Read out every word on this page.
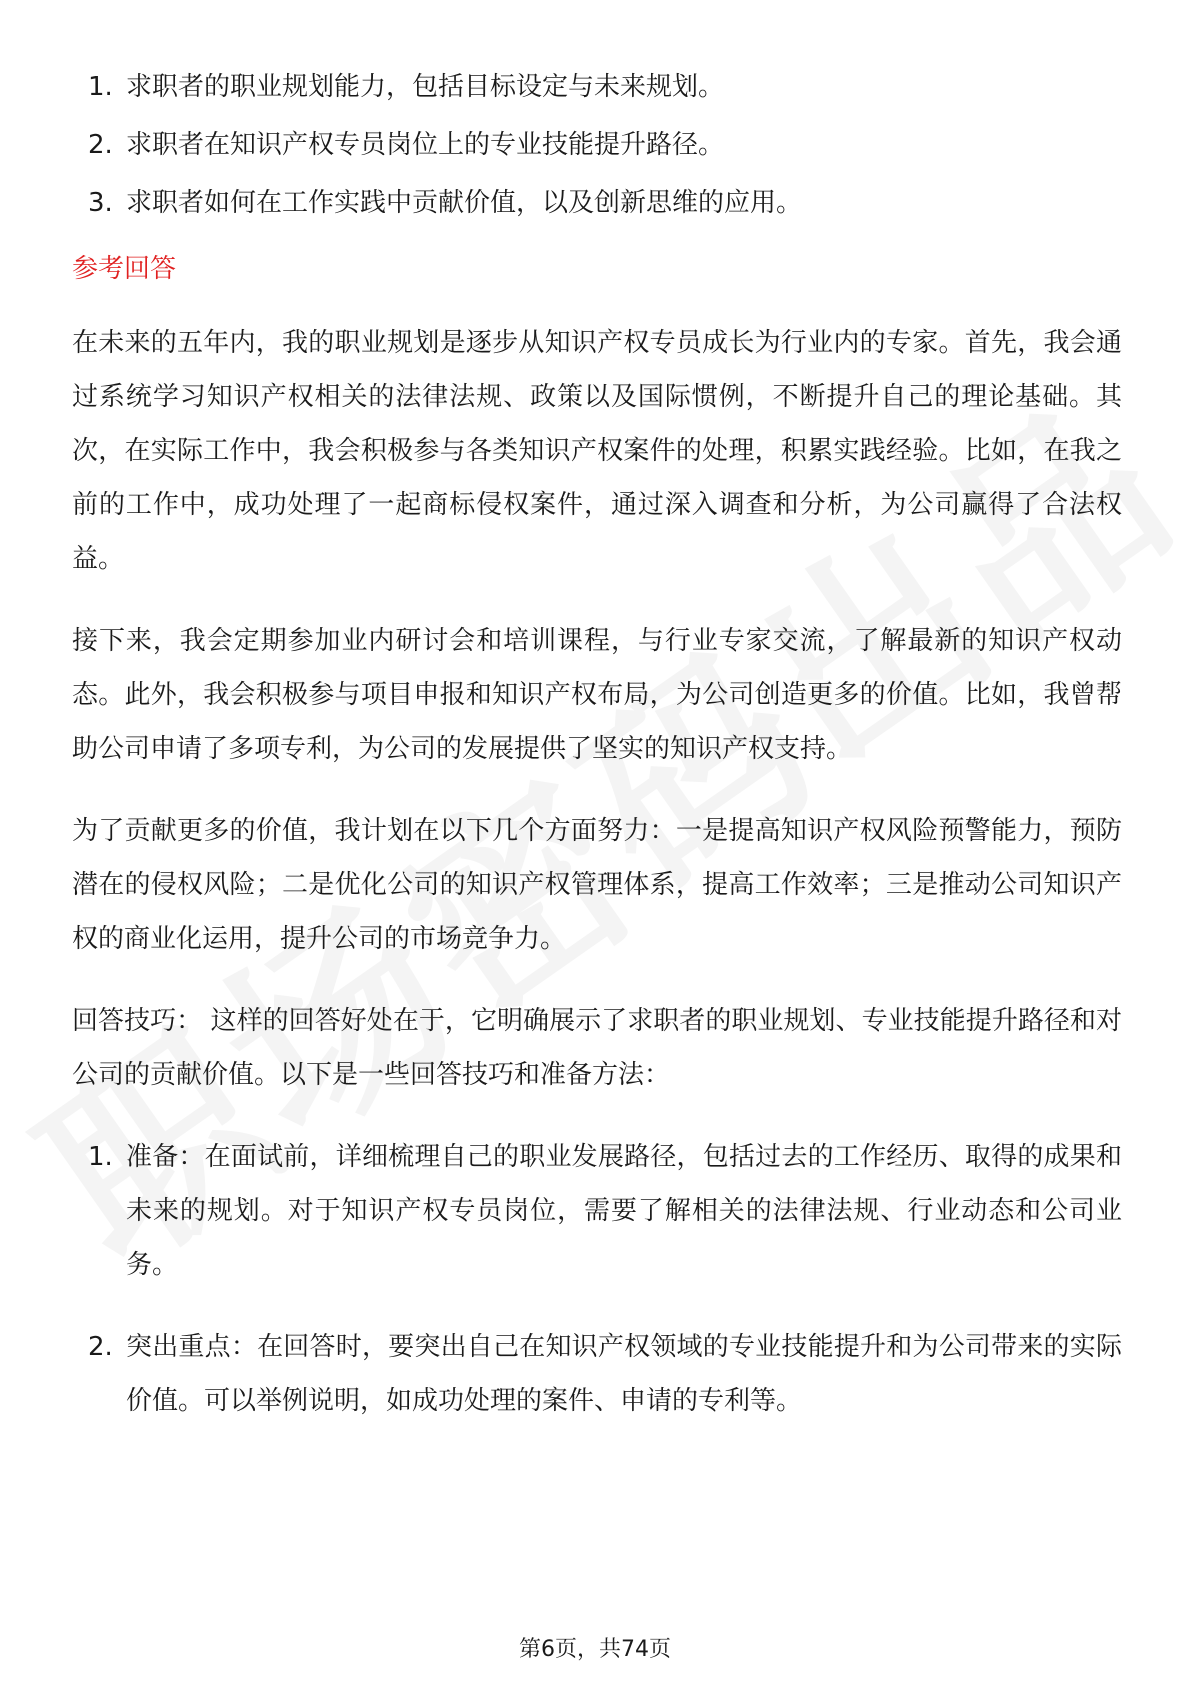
1. 求职者的职业规划能力，包括目标设定与未来规划。
2. 求职者在知识产权专员岗位上的专业技能提升路径。
3. 求职者如何在工作实践中贡献价值，以及创新思维的应用。
参考回答

在未来的五年内，我的职业规划是逐步从知识产权专员成长为行业内的专家。首先，我会通过系统学习知识产权相关的法律法规、政策以及国际惯例，不断提升自己的理论基础。其次，在实际工作中，我会积极参与各类知识产权案件的处理，积累实践经验。比如，在我之前的工作中，成功处理了一起商标侵权案件，通过深入调查和分析，为公司赢得了合法权益。

接下来，我会定期参加业内研讨会和培训课程，与行业专家交流，了解最新的知识产权动态。此外，我会积极参与项目申报和知识产权布局，为公司创造更多的价值。比如，我曾帮助公司申请了多项专利，为公司的发展提供了坚实的知识产权支持。

为了贡献更多的价值，我计划在以下几个方面努力：一是提高知识产权风险预警能力，预防潜在的侵权风险；二是优化公司的知识产权管理体系，提高工作效率；三是推动公司知识产权的商业化运用，提升公司的市场竞争力。

回答技巧： 这样的回答好处在于，它明确展示了求职者的职业规划、专业技能提升路径和对公司的贡献价值。以下是一些回答技巧和准备方法：

1. 准备：在面试前，详细梳理自己的职业发展路径，包括过去的工作经历、取得的成果和未来的规划。对于知识产权专员岗位，需要了解相关的法律法规、行业动态和公司业务。
2. 突出重点：在回答时，要突出自己在知识产权领域的专业技能提升和为公司带来的实际价值。可以举例说明，如成功处理的案件、申请的专利等。
第6页，共74页
